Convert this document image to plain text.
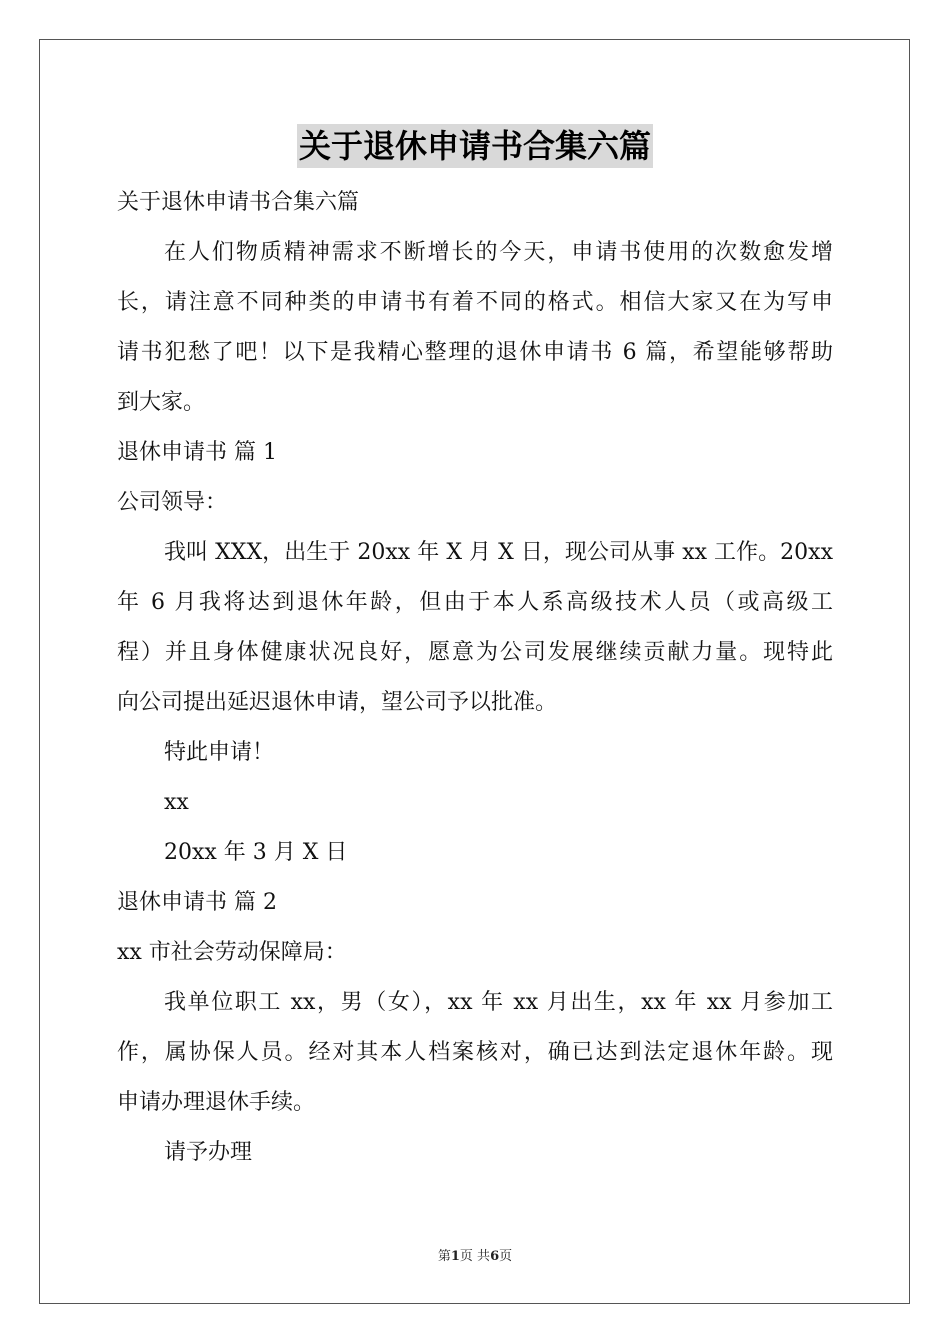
关于退休申请书合集六篇
关于退休申请书合集六篇
在人们物质精神需求不断增长的今天，申请书使用的次数愈发增
长，请注意不同种类的申请书有着不同的格式。相信大家又在为写申
请书犯愁了吧！以下是我精心整理的退休申请书 6 篇，希望能够帮助
到大家。
退休申请书 篇 1
公司领导：
我叫 XXX，出生于 20xx 年 X 月 X 日，现公司从事 xx 工作。20xx
年 6 月我将达到退休年龄，但由于本人系高级技术人员（或高级工
程）并且身体健康状况良好，愿意为公司发展继续贡献力量。现特此
向公司提出延迟退休申请，望公司予以批准。
特此申请！
xx
20xx 年 3 月 X 日
退休申请书 篇 2
xx 市社会劳动保障局：
我单位职工 xx，男（女），xx 年 xx 月出生，xx 年 xx 月参加工
作，属协保人员。经对其本人档案核对，确已达到法定退休年龄。现
申请办理退休手续。
请予办理
第1页 共6页
